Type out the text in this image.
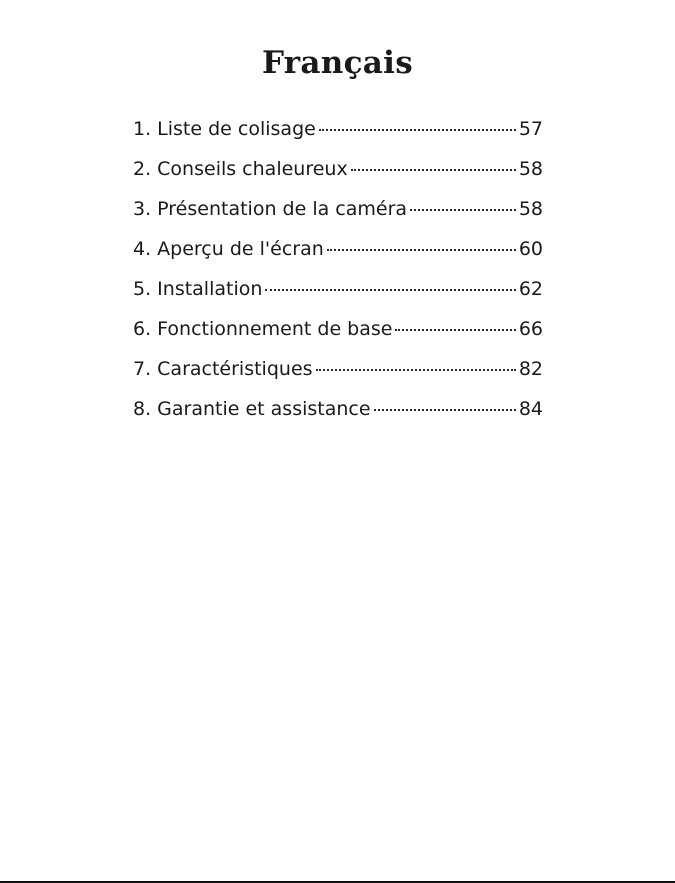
Français
1. Liste de colisage	57
2. Conseils chaleureux	58
3. Présentation de la caméra	58
4. Aperçu de l'écran	60
5. Installation	62
6. Fonctionnement de base	66
7. Caractéristiques	82
8. Garantie et assistance	84
